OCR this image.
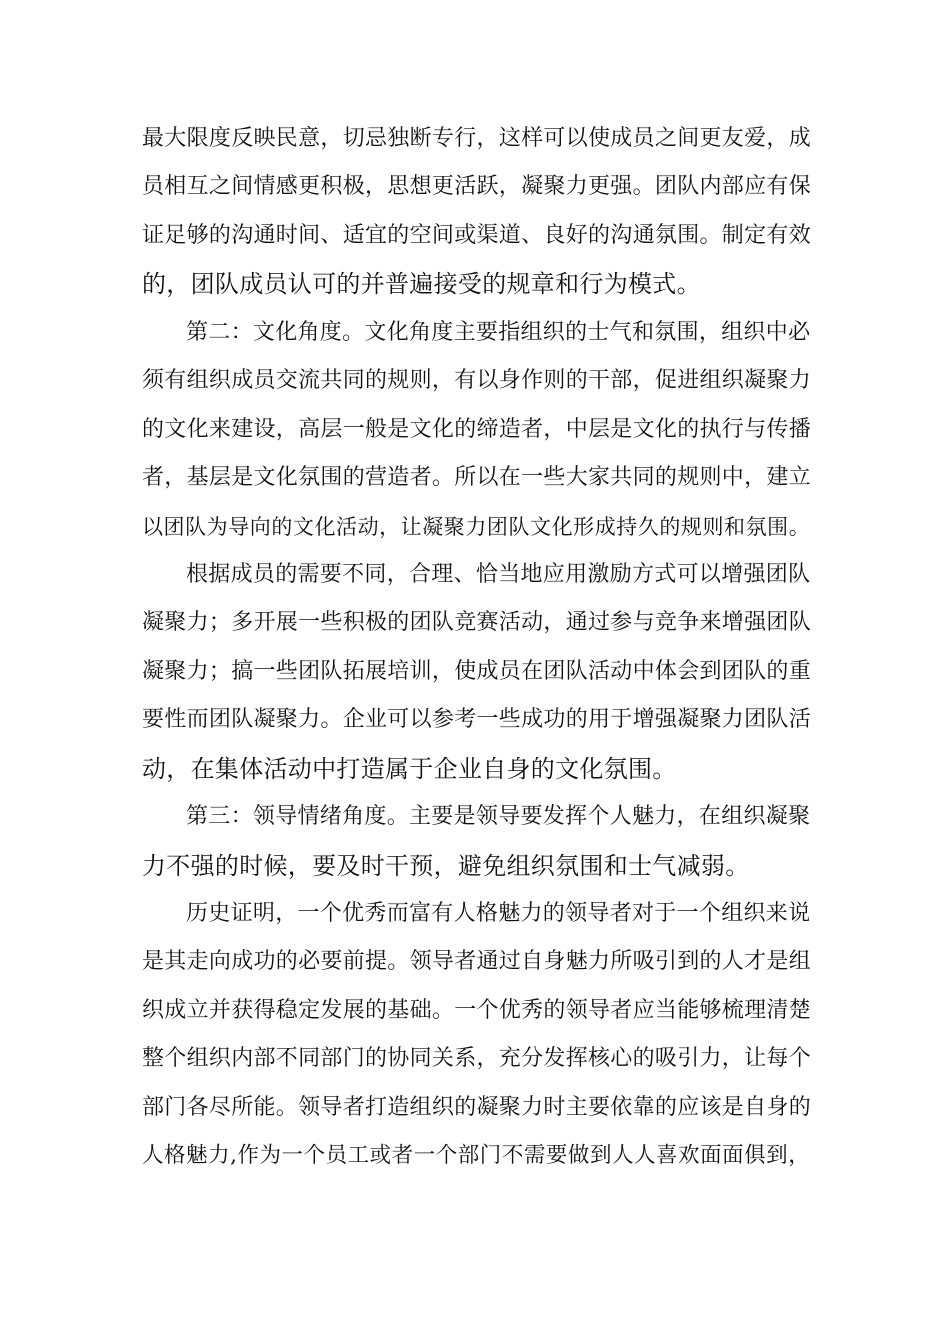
最大限度反映民意，切忌独断专行，这样可以使成员之间更友爱，成
员相互之间情感更积极，思想更活跃，凝聚力更强。团队内部应有保
证足够的沟通时间、适宜的空间或渠道、良好的沟通氛围。制定有效
的，团队成员认可的并普遍接受的规章和行为模式。
第二：文化角度。文化角度主要指组织的士气和氛围，组织中必
须有组织成员交流共同的规则，有以身作则的干部，促进组织凝聚力
的文化来建设，高层一般是文化的缔造者，中层是文化的执行与传播
者，基层是文化氛围的营造者。所以在一些大家共同的规则中，建立
以团队为导向的文化活动，让凝聚力团队文化形成持久的规则和氛围。
根据成员的需要不同，合理、恰当地应用激励方式可以增强团队
凝聚力；多开展一些积极的团队竞赛活动，通过参与竞争来增强团队
凝聚力；搞一些团队拓展培训，使成员在团队活动中体会到团队的重
要性而团队凝聚力。企业可以参考一些成功的用于增强凝聚力团队活
动，在集体活动中打造属于企业自身的文化氛围。
第三：领导情绪角度。主要是领导要发挥个人魅力，在组织凝聚
力不强的时候，要及时干预，避免组织氛围和士气减弱。
历史证明，一个优秀而富有人格魅力的领导者对于一个组织来说
是其走向成功的必要前提。领导者通过自身魅力所吸引到的人才是组
织成立并获得稳定发展的基础。一个优秀的领导者应当能够梳理清楚
整个组织内部不同部门的协同关系，充分发挥核心的吸引力，让每个
部门各尽所能。领导者打造组织的凝聚力时主要依靠的应该是自身的
人格魅力,作为一个员工或者一个部门不需要做到人人喜欢面面俱到，
